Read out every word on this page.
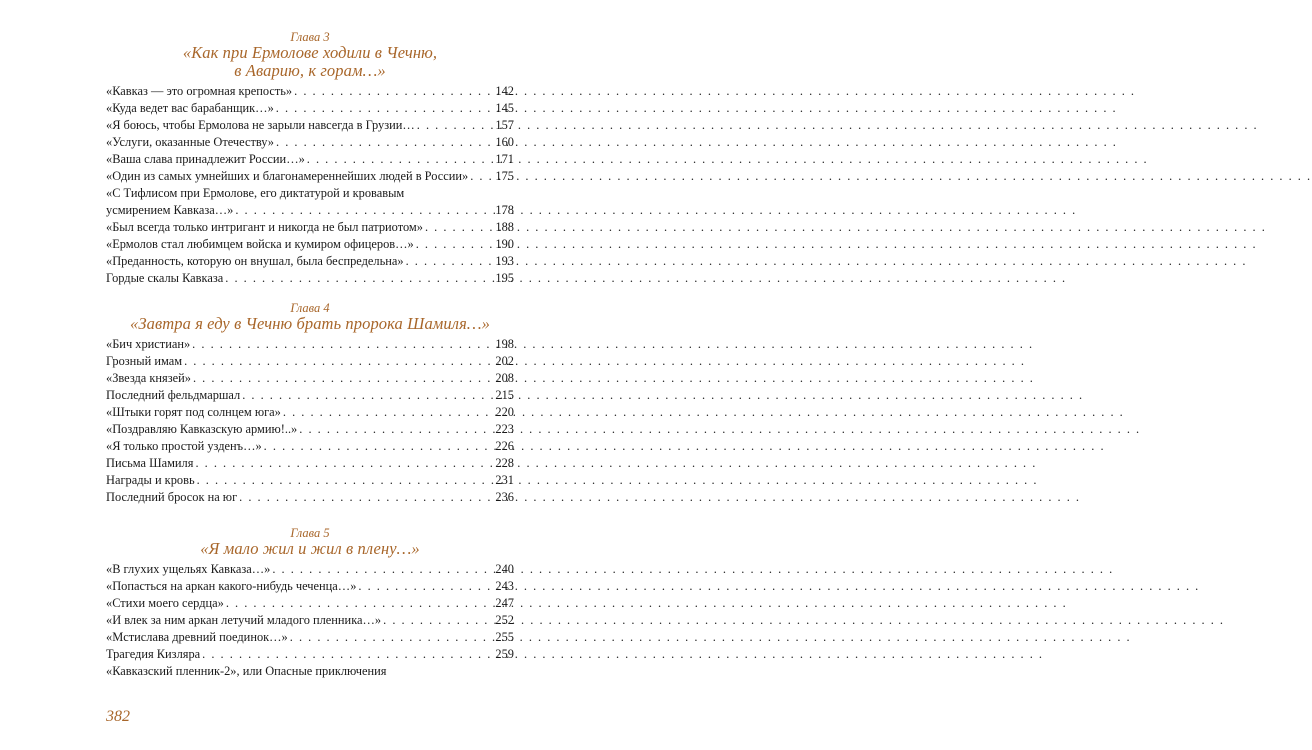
Глава 3
«Как при Ермолове ходили в Чечню,
в Аварию, к горам…»
«Кавказ — это огромная крепость» . . .	142
«Куда ведет вас барабанщик…» . . .	145
«Я боюсь, чтобы Ермолова не зарыли навсегда в Грузии… . . .	157
«Услуги, оказанные Отечеству» . . .	160
«Ваша слава принадлежит России…» . . .	171
«Один из самых умнейших и благонамереннейших людей в России» . . . 175
«С Тифлисом при Ермолове, его диктатурой и кровавым
усмирением Кавказа…» . . .	178
«Был всегда только интригант и никогда не был патриотом» . . .	188
«Ермолов стал любимцем войска и кумиром офицеров…» . . .	190
«Преданность, которую он внушал, была беспредельна» . . .	193
Гордые скалы Кавказа . . .	195
Глава 4
«Завтра я еду в Чечню брать пророка Шамиля…»
«Бич христиан» . . .	198
Грозный имам . . .	202
«Звезда князей» . . .	208
Последний фельдмаршал . . .	215
«Штыки горят под солнцем юга» . . .	220
«Поздравляю Кавказскую армию!..» . . .	223
«Я только простой узденъ…» . . .	226
Письма Шамиля . . .	228
Награды и кровь . . .	231
Последний бросок на юг . . .	236
Глава 5
«Я мало жил и жил в плену…»
«В глухих ущельях Кавказа…» . . .	240
«Попасться на аркан какого-нибудь чеченца…» . . .	243
«Стихи моего сердца» . . .	247
«И влек за ним аркан летучий младого пленника…» . . .	252
«Мстислава древний поединок…» . . .	255
Трагедия Кизляра . . .	259
«Кавказский пленник-2», или Опасные приключения
382
